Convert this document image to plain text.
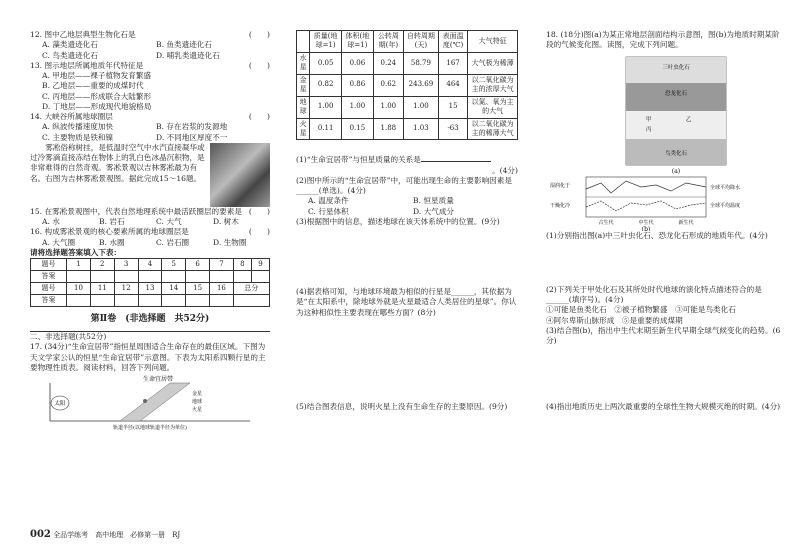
12. 图中乙地层典型生物化石是	(　　)

A. 藻类遗迹化石	B. 鱼类遗迹化石
C. 鸟类遗迹化石	D. 哺乳类遗迹化石

13. 图示地层所属地质年代特征是	(　　)

A. 甲地层——裸子植物发育繁盛
B. 乙地层——重要的成煤时代
C. 丙地层——形成联合大陆繁形
D. 丁地层——形成现代地貌格局

14. 大峡谷所属地球圈层	(　　)

A. 纵波传播速度加快	B. 存在岩浆的发源地
C. 主要物质是铁和镍	D. 不同地区厚度不一
雾凇俗称树挂，是低温时空气中水汽直接凝华或过冷雾滴直接冻结在物体上的乳白色冰晶沉积物，是非常难得的自然奇观。雾凇景观以吉林雾凇最为有名。右图为吉林雾凇景观图。据此完成15～16题。

15. 在雾凇景观图中，代表自然地理系统中最活跃圈层的要素是 (　　)

A. 水	B. 岩石	C. 大气	D. 树木

16. 构成雾凇景观的核心要素所属的地球圈层是	(　　)

A. 大气圈	B. 水圈	C. 岩石圈	D. 生物圈
请将选择题答案填入下表：
题号	1	2	3	4	5	6	7	8	9
答案									
题号	10	11	12	13	14	15	16	总分	
答案									
第Ⅱ卷　(非选择题　共52分)
二、非选择题(共52分)
17. (34分)“生命宜居带”指恒星周围适合生命存在的最佳区域。下图为天文学家公认的恒星“生命宜居带”示意图。下表为太阳系四颗行星的主要物理性质表。阅读材料，回答下列问题。
生命宜居带
太阳
金星
地球
火星
轨道半径(以地球轨道半径为单位)
	质量(地球=1)	体积(地球=1)	公转周期(年)	自转周期(天)	表面温度(℃)	大气特征
水星	0.05	0.06	0.24	58.79	167	大气极为稀薄
金星	0.82	0.86	0.62	243.69	464	以二氧化碳为主的浓厚大气
地球	1.00	1.00	1.00	1.00	15	以氮、氧为主的大气
火星	0.11	0.15	1.88	1.03	-63	以二氧化碳为主的稀薄大气
(1)“生命宜居带”与恒星质量的关系是
。(4分)
(2)图中所示的“生命宜居带”中，可能出现生命的主要影响因素是______(单选)。(4分)
A. 温度条件	B. 恒星质量
C. 行星体积	D. 大气成分
(3)根据图中的信息，描述地球在该天体系统中的位置。(9分)
(4)据表格可知，与地球环境最为相似的行星是______，其依据为是“在太阳系中，除地球外就是火星最适合人类居住的星球”。你认为这种相似性主要表现在哪些方面？(8分)
(5)结合图表信息，说明火星上没有生命生存的主要原因。(9分)
18. (18分)图(a)为某正常地层剖面结构示意图，图(b)为地质时期某阶段的气候变化图。读图，完成下列问题。
三叶虫化石
恐龙化石
甲	乙
丙
鸟类化石
(a)
湿润化于
干燥化冷
全球平均降水
全球平均温度
古生代	中生代	新生代
(b)
(1)分别指出图(a)中三叶虫化石、恐龙化石形成的地质年代。(4分)
(2)下列关于甲处化石及其所处时代地球的演化特点描述符合的是______(填序号)。(4分)
①可能是鱼类化石　②被子植物繁盛　③可能是鸟类化石
④阿尔卑斯山脉形成　⑤是重要的成煤期
(3)结合图(b)，指出中生代末期至新生代早期全球气候变化的趋势。(6分)
(4)指出地质历史上两次最重要的全球性生物大规模灭绝的时期。(4分)
002 全品学练考　高中地理　必修第一册　RJ
